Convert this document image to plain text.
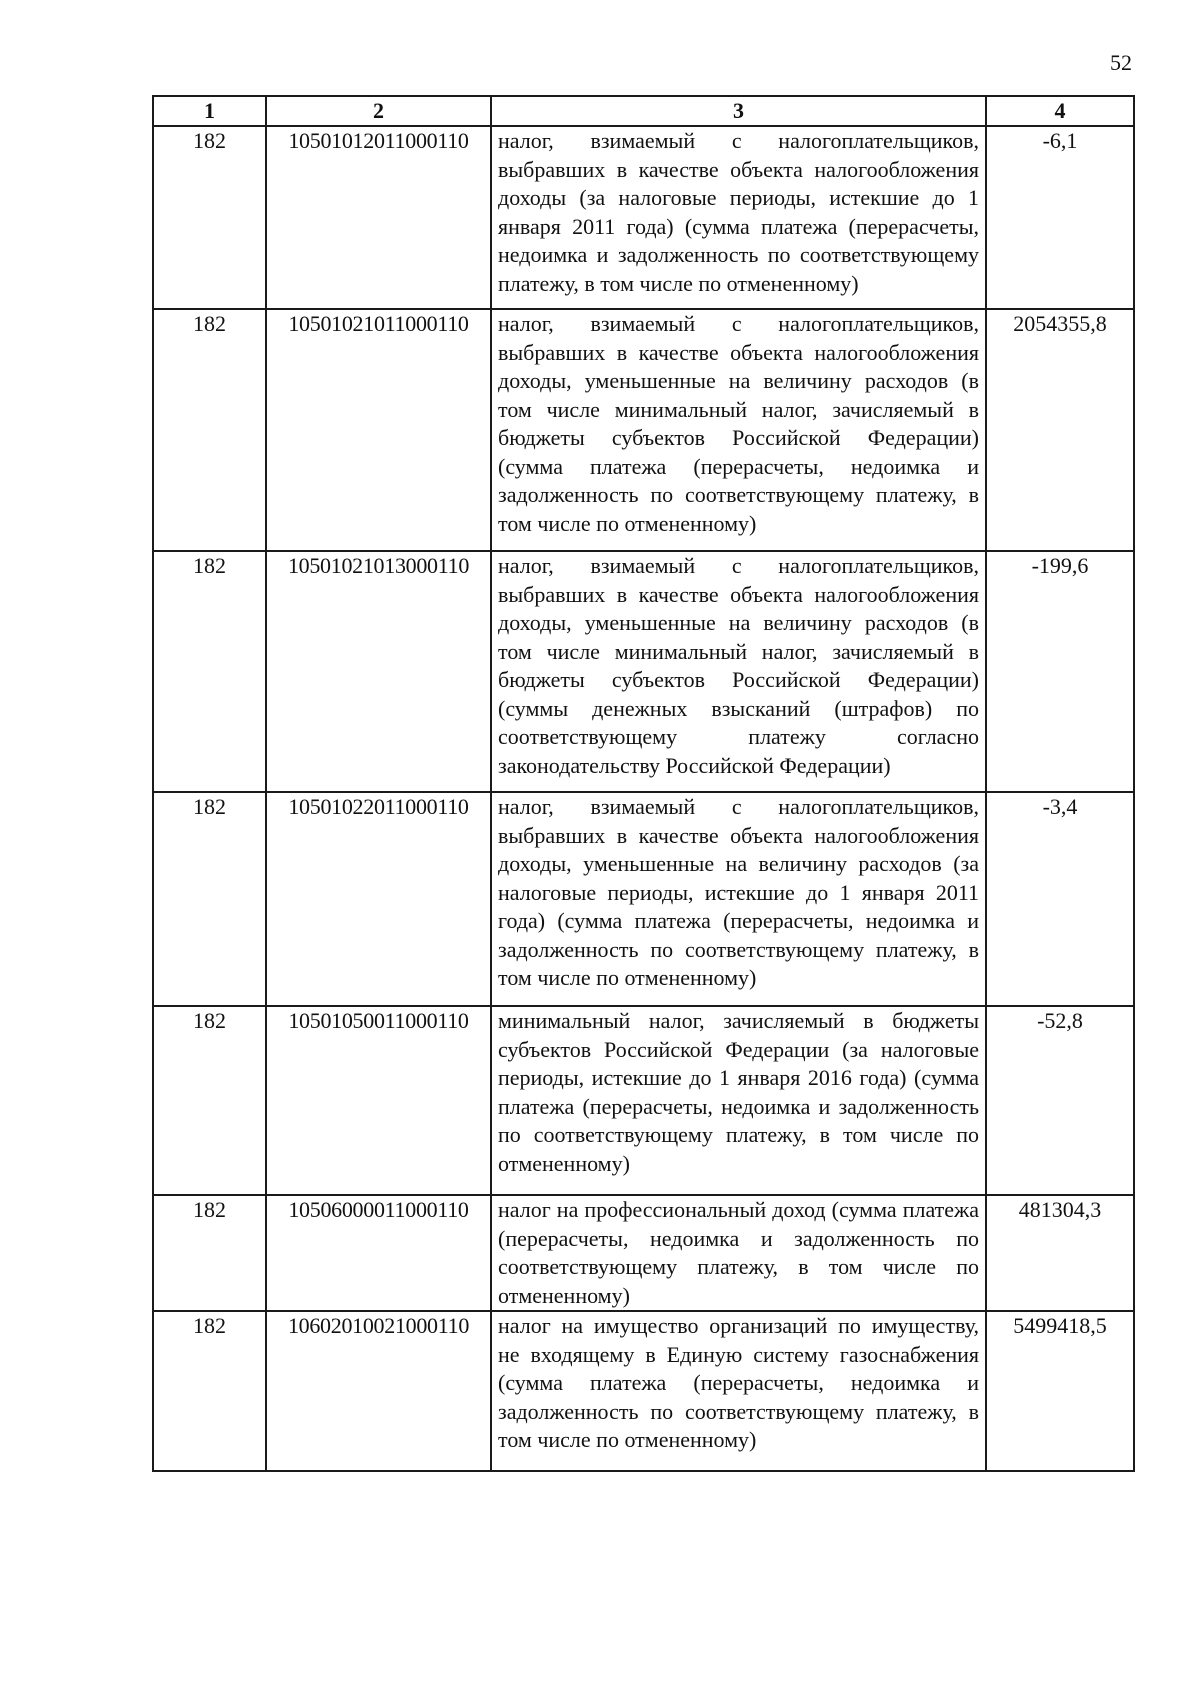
52
1	2	3	4
182	10501012011000110	налог, взимаемый с налогоплательщиков, выбравших в качестве объекта налогообложения доходы (за налоговые периоды, истекшие до 1 января 2011 года) (сумма платежа (перерасчеты, недоимка и задолженность по соответствующему платежу, в том числе по отмененному)	-6,1
182	10501021011000110	налог, взимаемый с налогоплательщиков, выбравших в качестве объекта налогообложения доходы, уменьшенные на величину расходов (в том числе минимальный налог, зачисляемый в бюджеты субъектов Российской Федерации) (сумма платежа (перерасчеты, недоимка и задолженность по соответствующему платежу, в том числе по отмененному)	2054355,8
182	10501021013000110	налог, взимаемый с налогоплательщиков, выбравших в качестве объекта налогообложения доходы, уменьшенные на величину расходов (в том числе минимальный налог, зачисляемый в бюджеты субъектов Российской Федерации) (суммы денежных взысканий (штрафов) по соответствующему платежу согласно законодательству Российской Федерации)	-199,6
182	10501022011000110	налог, взимаемый с налогоплательщиков, выбравших в качестве объекта налогообложения доходы, уменьшенные на величину расходов (за налоговые периоды, истекшие до 1 января 2011 года) (сумма платежа (перерасчеты, недоимка и задолженность по соответствующему платежу, в том числе по отмененному)	-3,4
182	10501050011000110	минимальный налог, зачисляемый в бюджеты субъектов Российской Федерации (за налоговые периоды, истекшие до 1 января 2016 года) (сумма платежа (перерасчеты, недоимка и задолженность по соответствующему платежу, в том числе по отмененному)	-52,8
182	10506000011000110	налог на профессиональный доход (сумма платежа (перерасчеты, недоимка и задолженность по соответствующему платежу, в том числе по отмененному)	481304,3
182	10602010021000110	налог на имущество организаций по имуществу, не входящему в Единую систему газоснабжения (сумма платежа (перерасчеты, недоимка и задолженность по соответствующему платежу, в том числе по отмененному)	5499418,5
